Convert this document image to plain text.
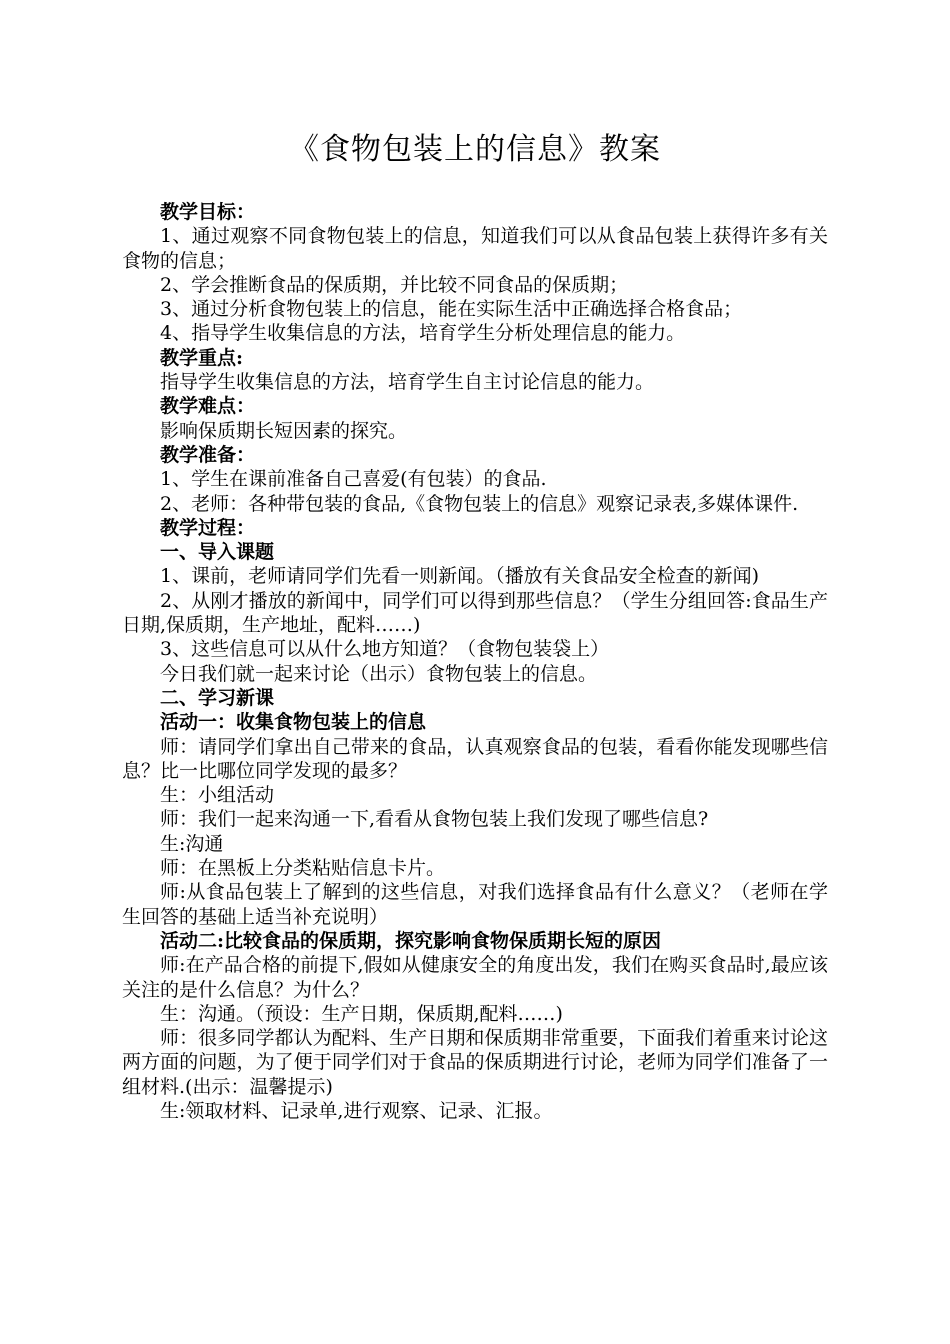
《食物包装上的信息》教案

教学目标：

1、通过观察不同食物包装上的信息，知道我们可以从食品包装上获得许多有关食物的信息；

2、学会推断食品的保质期，并比较不同食品的保质期；

3、通过分析食物包装上的信息，能在实际生活中正确选择合格食品；

4、指导学生收集信息的方法，培育学生分析处理信息的能力。

教学重点:

指导学生收集信息的方法，培育学生自主讨论信息的能力。

教学难点：

影响保质期长短因素的探究。

教学准备：

1、学生在课前准备自己喜爱(有包装）的食品.

2、老师：各种带包装的食品,《食物包装上的信息》观察记录表,多媒体课件.

教学过程：

一、导入课题

1、课前，老师请同学们先看一则新闻。（播放有关食品安全检查的新闻)

2、从刚才播放的新闻中，同学们可以得到那些信息？（学生分组回答:食品生产日期,保质期，生产地址，配料……)

3、这些信息可以从什么地方知道？（食物包装袋上）

今日我们就一起来讨论（出示）食物包装上的信息。

二、学习新课

活动一：收集食物包装上的信息

师：请同学们拿出自己带来的食品，认真观察食品的包装，看看你能发现哪些信息？比一比哪位同学发现的最多？

生：小组活动

师：我们一起来沟通一下,看看从食物包装上我们发现了哪些信息?

生:沟通

师：在黑板上分类粘贴信息卡片。

师:从食品包装上了解到的这些信息，对我们选择食品有什么意义？（老师在学生回答的基础上适当补充说明）

活动二:比较食品的保质期，探究影响食物保质期长短的原因

师:在产品合格的前提下,假如从健康安全的角度出发，我们在购买食品时,最应该关注的是什么信息？为什么？

生：沟通。（预设：生产日期，保质期,配料……)

师：很多同学都认为配料、生产日期和保质期非常重要，下面我们着重来讨论这两方面的问题，为了便于同学们对于食品的保质期进行讨论，老师为同学们准备了一组材料.(出示：温馨提示)

生:领取材料、记录单,进行观察、记录、汇报。
